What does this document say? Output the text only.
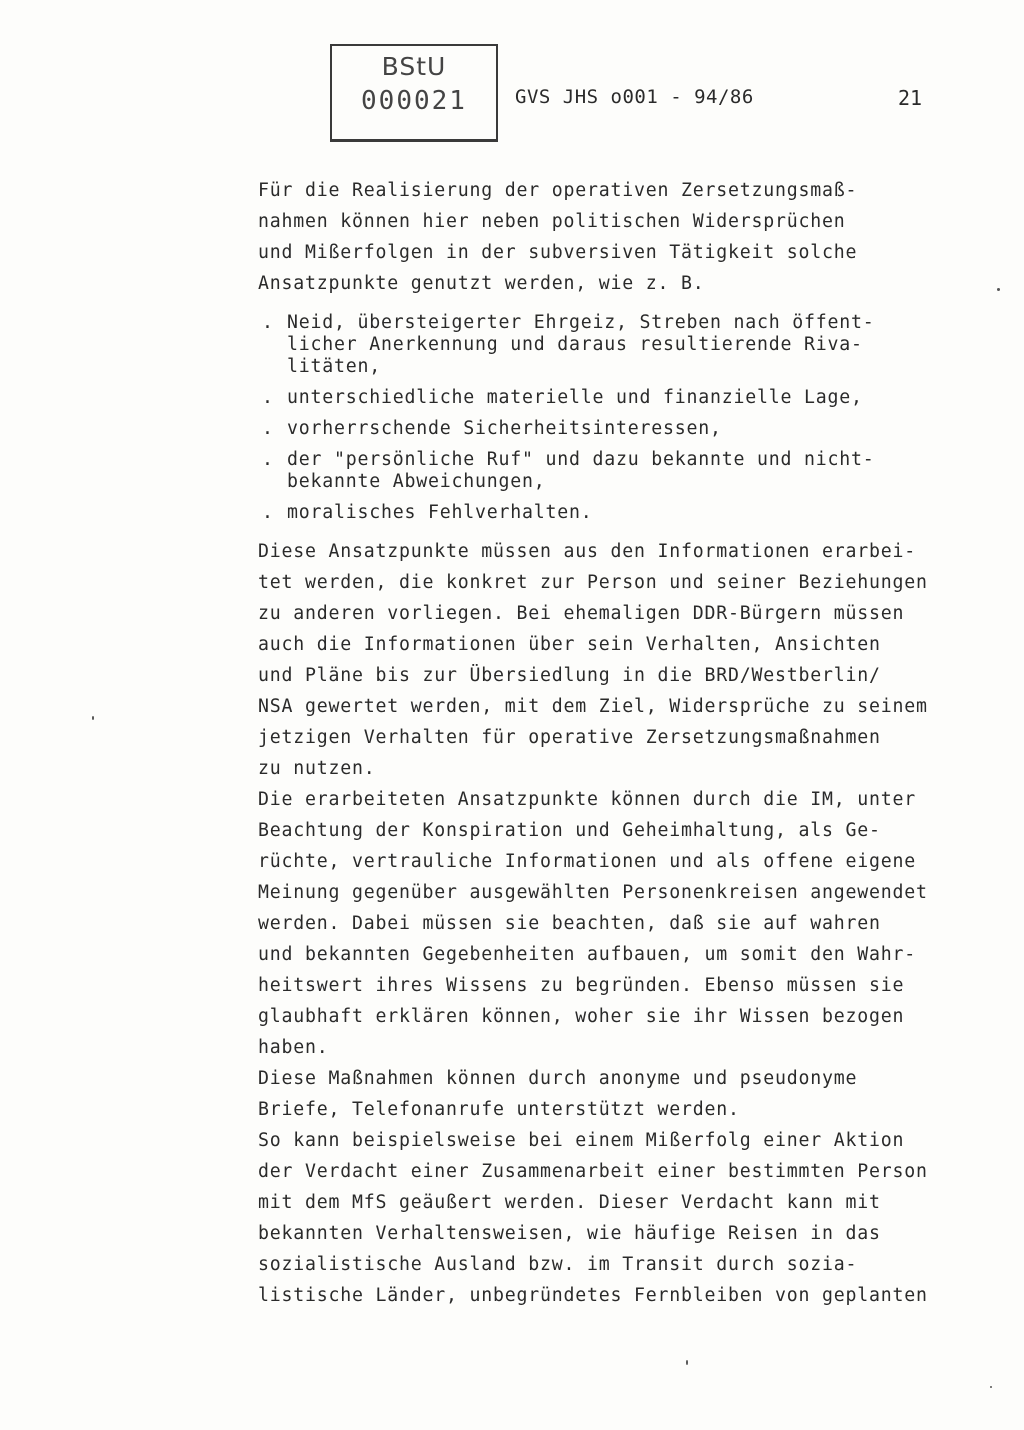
BStU
000021	GVS JHS o001 - 94/86	21
Für die Realisierung der operativen Zersetzungsmaß-
nahmen können hier neben politischen Widersprüchen
und Mißerfolgen in der subversiven Tätigkeit solche
Ansatzpunkte genutzt werden, wie z. B.
. Neid, übersteigerter Ehrgeiz, Streben nach öffent-
licher Anerkennung und daraus resultierende Riva-
litäten,
. unterschiedliche materielle und finanzielle Lage,
. vorherrschende Sicherheitsinteressen,
. der "persönliche Ruf" und dazu bekannte und nicht-
bekannte Abweichungen,
. moralisches Fehlverhalten.
Diese Ansatzpunkte müssen aus den Informationen erarbei-
tet werden, die konkret zur Person und seiner Beziehungen
zu anderen vorliegen. Bei ehemaligen DDR-Bürgern müssen
auch die Informationen über sein Verhalten, Ansichten
und Pläne bis zur Übersiedlung in die BRD/Westberlin/
NSA gewertet werden, mit dem Ziel, Widersprüche zu seinem
jetzigen Verhalten für operative Zersetzungsmaßnahmen
zu nutzen.
Die erarbeiteten Ansatzpunkte können durch die IM, unter
Beachtung der Konspiration und Geheimhaltung, als Ge-
rüchte, vertrauliche Informationen und als offene eigene
Meinung gegenüber ausgewählten Personenkreisen angewendet
werden. Dabei müssen sie beachten, daß sie auf wahren
und bekannten Gegebenheiten aufbauen, um somit den Wahr-
heitswert ihres Wissens zu begründen. Ebenso müssen sie
glaubhaft erklären können, woher sie ihr Wissen bezogen
haben.
Diese Maßnahmen können durch anonyme und pseudonyme
Briefe, Telefonanrufe unterstützt werden.
So kann beispielsweise bei einem Mißerfolg einer Aktion
der Verdacht einer Zusammenarbeit einer bestimmten Person
mit dem MfS geäußert werden. Dieser Verdacht kann mit
bekannten Verhaltensweisen, wie häufige Reisen in das
sozialistische Ausland bzw. im Transit durch sozia-
listische Länder, unbegründetes Fernbleiben von geplanten
